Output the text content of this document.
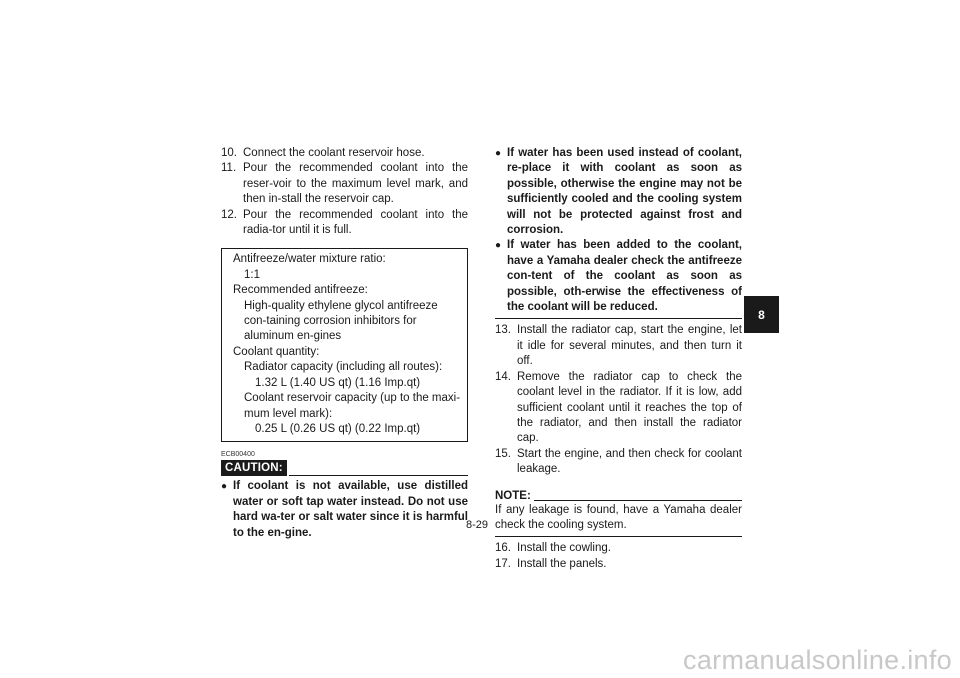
10. Connect the coolant reservoir hose.
11. Pour the recommended coolant into the reser-voir to the maximum level mark, and then in-stall the reservoir cap.
12. Pour the recommended coolant into the radia-tor until it is full.
Antifreeze/water mixture ratio:
1:1
Recommended antifreeze:
High-quality ethylene glycol antifreeze con-taining corrosion inhibitors for aluminum en-gines
Coolant quantity:
Radiator capacity (including all routes):
1.32 L (1.40 US qt) (1.16 Imp.qt)
Coolant reservoir capacity (up to the maxi-mum level mark):
0.25 L (0.26 US qt) (0.22 Imp.qt)
ECB00400
CAUTION:
● If coolant is not available, use distilled water or soft tap water instead. Do not use hard wa-ter or salt water since it is harmful to the en-gine.
● If water has been used instead of coolant, re-place it with coolant as soon as possible, otherwise the engine may not be sufficiently cooled and the cooling system will not be protected against frost and corrosion.
● If water has been added to the coolant, have a Yamaha dealer check the antifreeze con-tent of the coolant as soon as possible, oth-erwise the effectiveness of the coolant will be reduced.
13. Install the radiator cap, start the engine, let it idle for several minutes, and then turn it off.
14. Remove the radiator cap to check the coolant level in the radiator. If it is low, add sufficient coolant until it reaches the top of the radiator, and then install the radiator cap.
15. Start the engine, and then check for coolant leakage.
NOTE:
If any leakage is found, have a Yamaha dealer check the cooling system.
16. Install the cowling.
17. Install the panels.
8-29
8
carmanualsonline.info
